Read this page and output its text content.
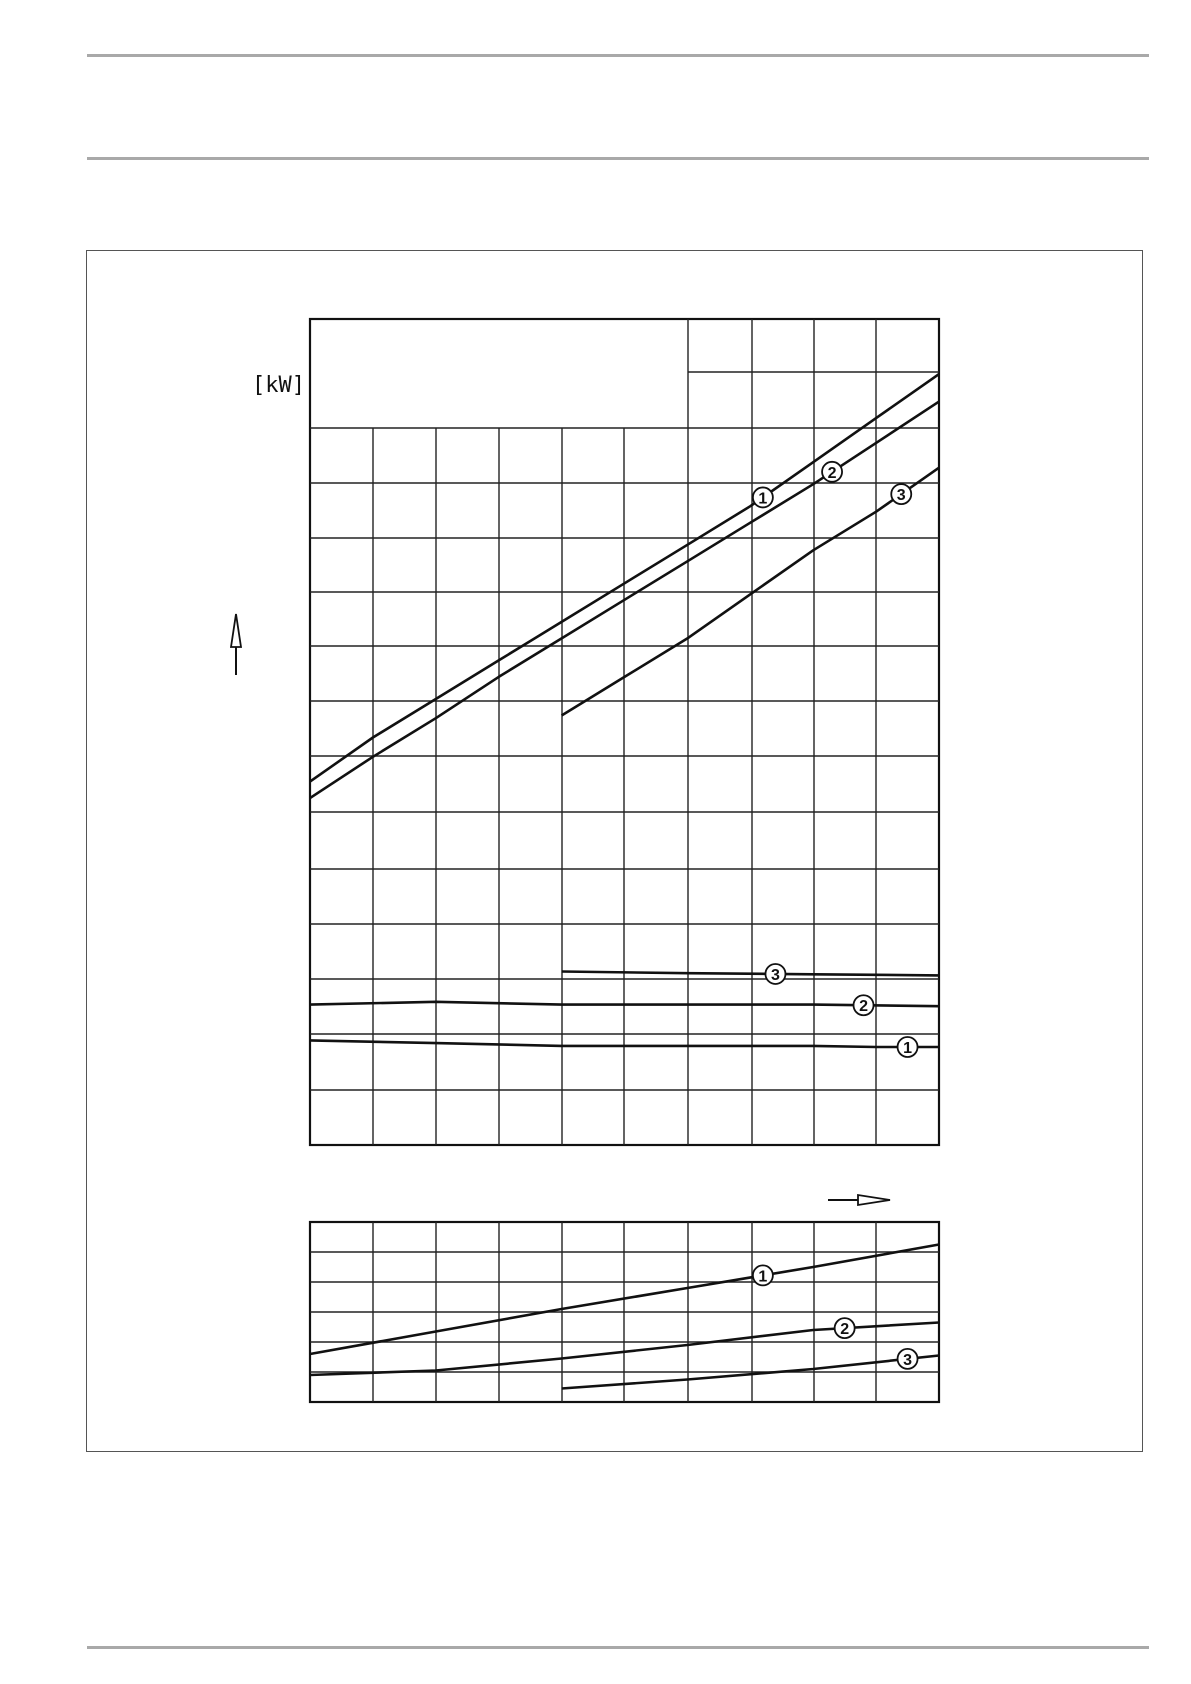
1
2
3
1
2
3
1
2
3
[kW]
